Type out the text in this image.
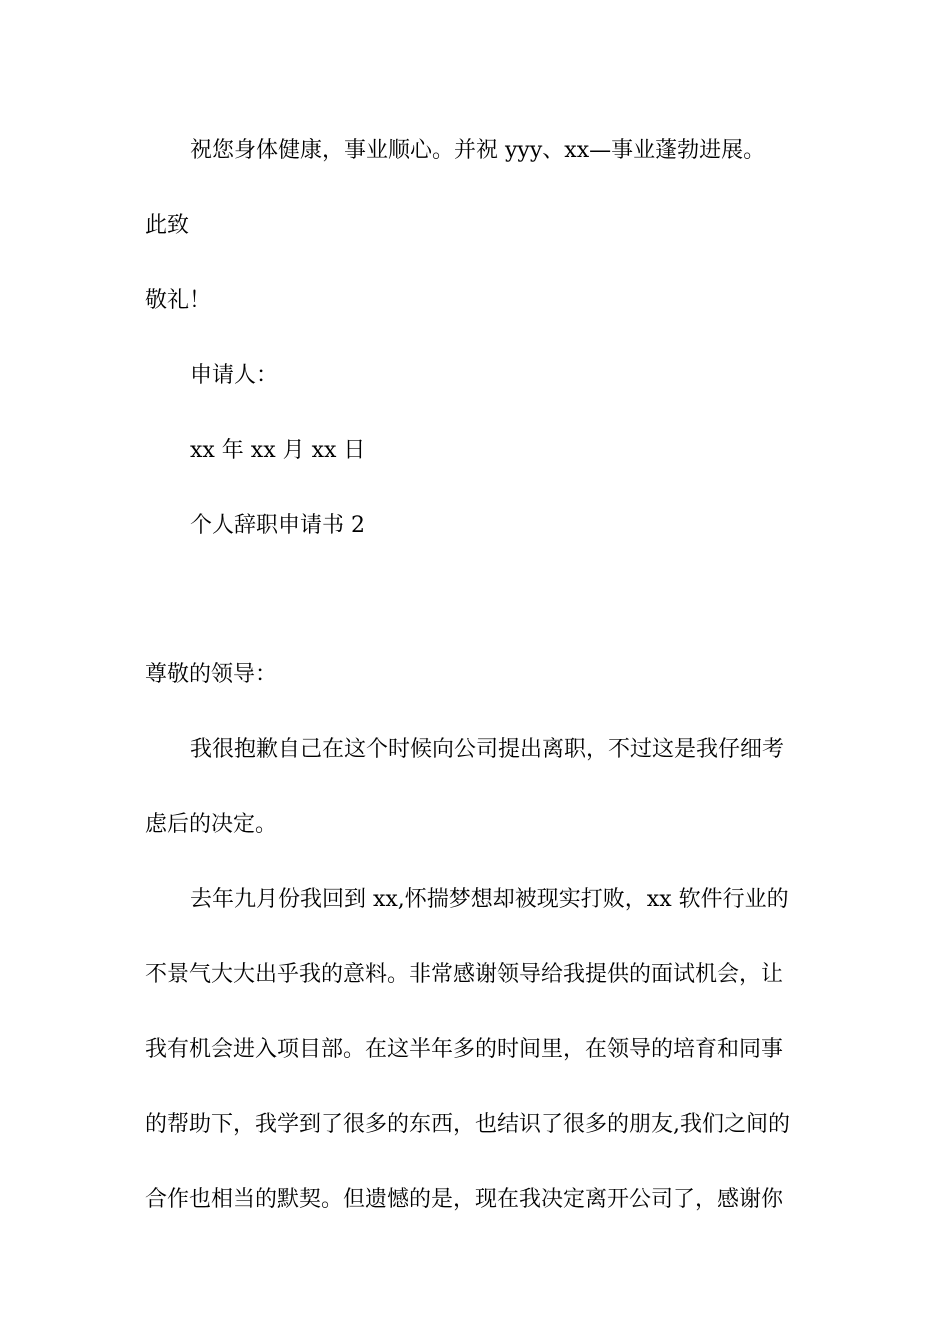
祝您身体健康，事业顺心。并祝 yyy、xx—事业蓬勃进展。
此致
敬礼！
申请人：
xx 年 xx 月 xx 日
个人辞职申请书 2
尊敬的领导：
我很抱歉自己在这个时候向公司提出离职，不过这是我仔细考
虑后的决定。
去年九月份我回到 xx,怀揣梦想却被现实打败，xx 软件行业的
不景气大大出乎我的意料。非常感谢领导给我提供的面试机会，让
我有机会进入项目部。在这半年多的时间里，在领导的培育和同事
的帮助下，我学到了很多的东西，也结识了很多的朋友,我们之间的
合作也相当的默契。但遗憾的是，现在我决定离开公司了，感谢你
